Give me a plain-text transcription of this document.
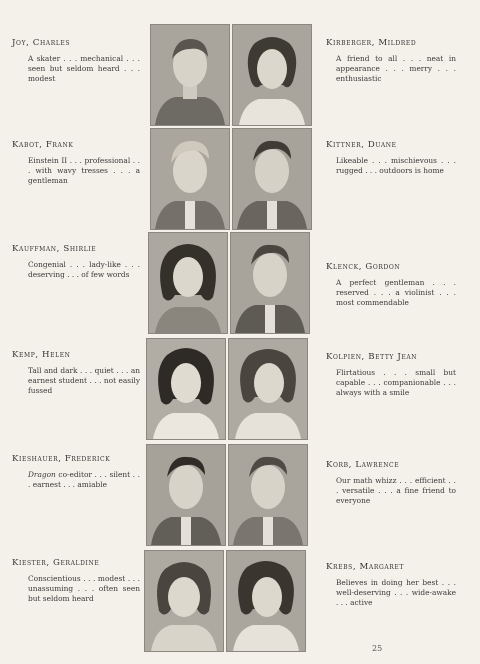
Joy, Charles
A skater . . . mechanical . . . seen but seldom heard . . . modest
Kirberger, Mildred
A friend to all . . . neat in appearance . . . merry . . . enthusiastic
Kabot, Frank
Einstein II . . . professional . . . with wavy tresses . . . a gentleman
Kittner, Duane
Likeable . . . mischievous . . . rugged . . . outdoors is home
Kauffman, Shirlie
Congenial . . . lady-like . . . deserving . . . of few words
Klenck, Gordon
A perfect gentleman . . . reserved . . . a violinist . . . most commendable
Kemp, Helen
Tall and dark . . . quiet . . . an earnest student . . . not easily fussed
Kolpien, Betty Jean
Flirtatious . . . small but capable . . . companionable . . . always with a smile
Kieshauer, Frederick
Dragon co-editor . . . silent . . . earnest . . . amiable
Korb, Lawrence
Our math whizz . . . efficient . . . versatile . . . a fine friend to everyone
Kiester, Geraldine
Conscientious . . . modest . . . unassuming . . . often seen but seldom heard
Krebs, Margaret
Believes in doing her best . . . well-deserving . . . wide-awake . . . active
25
